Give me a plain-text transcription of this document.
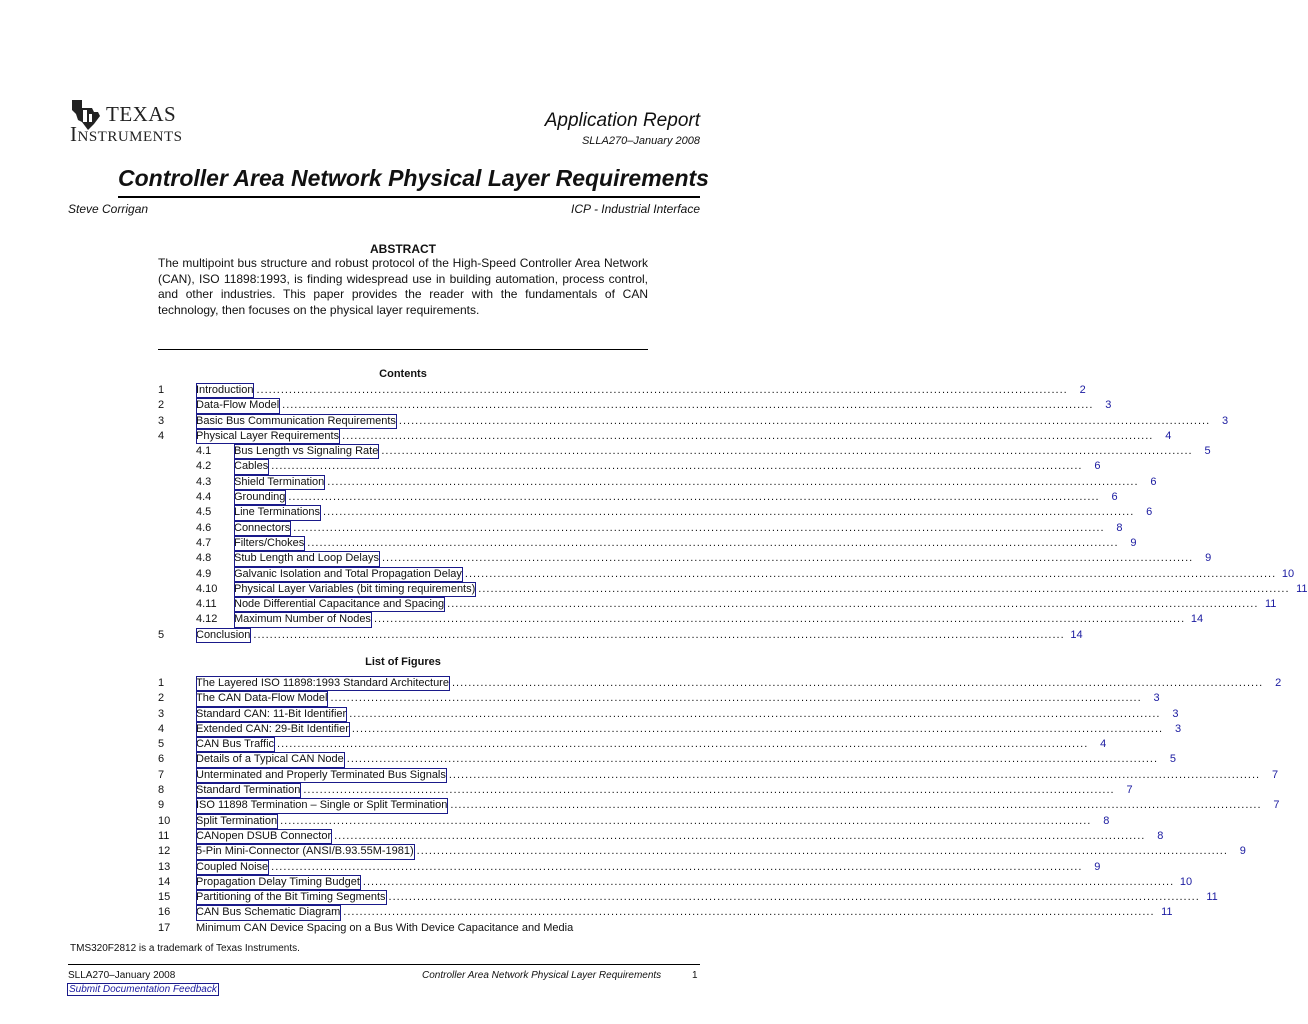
TEXAS
Instruments
Application Report
SLLA270–January 2008
Controller Area Network Physical Layer Requirements
Steve Corrigan	ICP - Industrial Interface
ABSTRACT
The multipoint bus structure and robust protocol of the High-Speed Controller Area Network (CAN), ISO 11898:1993, is finding widespread use in building automation, process control, and other industries. This paper provides the reader with the fundamentals of CAN technology, then focuses on the physical layer requirements.
Contents
1	Introduction ........................................................................................................................................................................................................	2
2	Data-Flow Model ........................................................................................................................................................................................................	3
3	Basic Bus Communication Requirements ........................................................................................................................................................................................................	3
4	Physical Layer Requirements ........................................................................................................................................................................................................	4
4.1	Bus Length vs Signaling Rate ........................................................................................................................................................................................................	5
4.2	Cables ........................................................................................................................................................................................................	6
4.3	Shield Termination ........................................................................................................................................................................................................	6
4.4	Grounding ........................................................................................................................................................................................................	6
4.5	Line Terminations ........................................................................................................................................................................................................	6
4.6	Connectors ........................................................................................................................................................................................................	8
4.7	Filters/Chokes ........................................................................................................................................................................................................	9
4.8	Stub Length and Loop Delays ........................................................................................................................................................................................................	9
4.9	Galvanic Isolation and Total Propagation Delay ........................................................................................................................................................................................................ 10
4.10	Physical Layer Variables (bit timing requirements) ........................................................................................................................................................................................................ 11
4.11	Node Differential Capacitance and Spacing ........................................................................................................................................................................................................ 11
4.12	Maximum Number of Nodes ........................................................................................................................................................................................................ 14
5	Conclusion ........................................................................................................................................................................................................ 14
List of Figures
1	The Layered ISO 11898:1993 Standard Architecture ........................................................................................................................................................................................................	2
2	The CAN Data-Flow Model ........................................................................................................................................................................................................	3
3	Standard CAN: 11-Bit Identifier ........................................................................................................................................................................................................	3
4	Extended CAN: 29-Bit Identifier ........................................................................................................................................................................................................	3
5	CAN Bus Traffic ........................................................................................................................................................................................................	4
6	Details of a Typical CAN Node ........................................................................................................................................................................................................	5
7	Unterminated and Properly Terminated Bus Signals ........................................................................................................................................................................................................	7
8	Standard Termination ........................................................................................................................................................................................................	7
9	ISO 11898 Termination – Single or Split Termination ........................................................................................................................................................................................................	7
10	Split Termination ........................................................................................................................................................................................................	8
11	CANopen DSUB Connector ........................................................................................................................................................................................................	8
12	5-Pin Mini-Connector (ANSI/B.93.55M-1981) ........................................................................................................................................................................................................	9
13	Coupled Noise ........................................................................................................................................................................................................	9
14	Propagation Delay Timing Budget ........................................................................................................................................................................................................ 10
15	Partitioning of the Bit Timing Segments ........................................................................................................................................................................................................ 11
16	CAN Bus Schematic Diagram ........................................................................................................................................................................................................ 11
17	Minimum CAN Device Spacing on a Bus With Device Capacitance and Media
TMS320F2812 is a trademark of Texas Instruments.
SLLA270–January 2008	Controller Area Network Physical Layer Requirements	1
Submit Documentation Feedback
